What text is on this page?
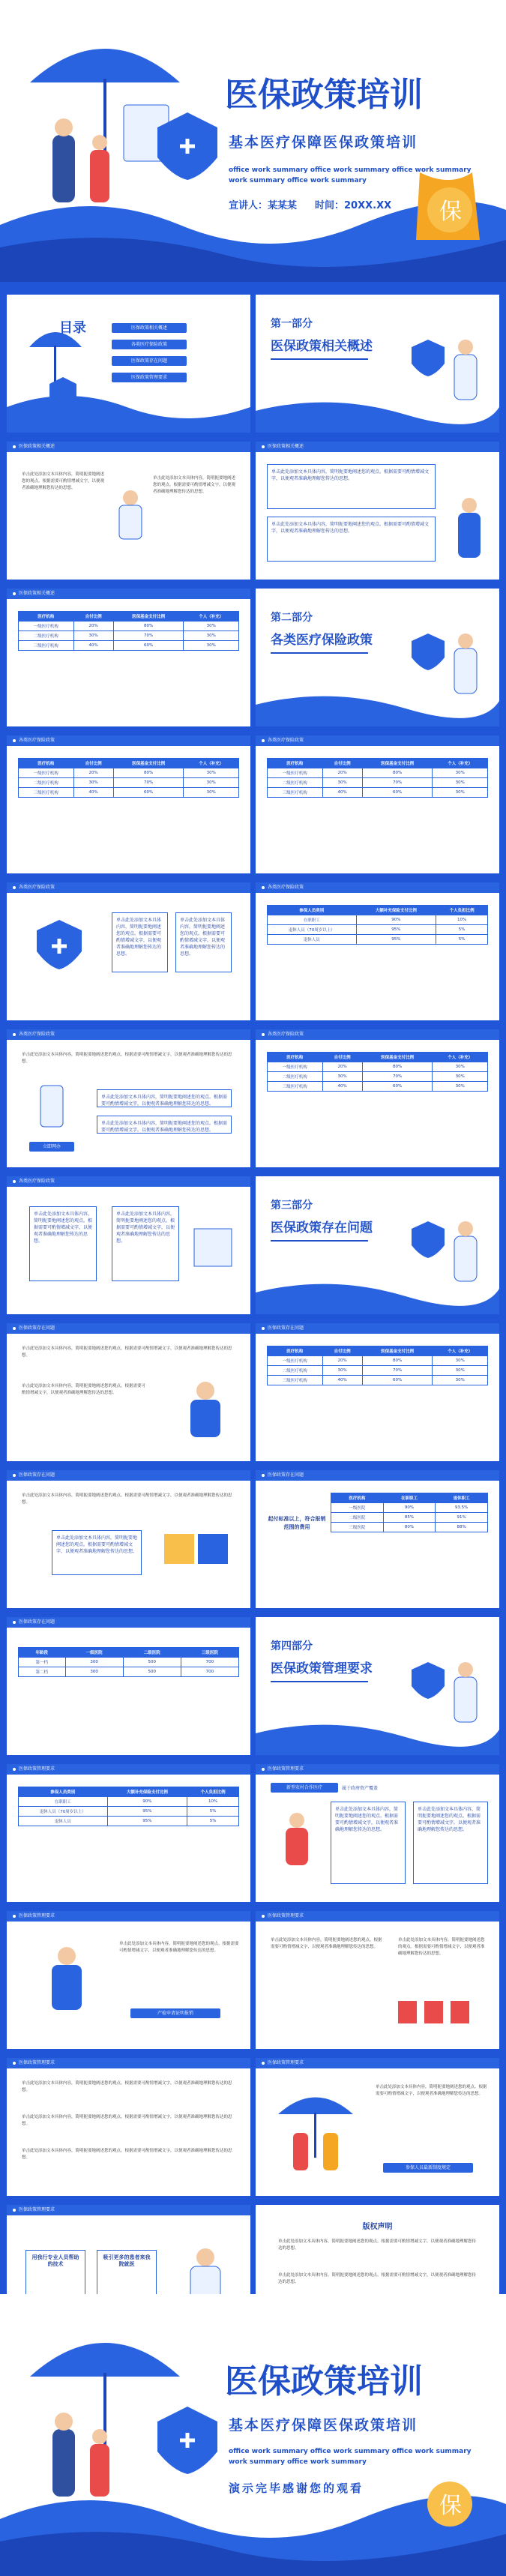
保
医保政策培训
基本医疗保障医保政策培训
office work summary office work summary office work summary
work summary office work summary
宣讲人：某某某 时间：20XX.XX
目录	医保政策相关概述
各类医疗保险政策
医保政策存在问题
医保政策管理要求
第一部分
医保政策相关概述
医保政策相关概述
单击此处添加文本具体内容，简明扼要地阐述您的观点。根据需要可酌情增减文字，以便观者准确地理解您传达的思想。
单击此处添加文本具体内容，简明扼要地阐述您的观点。根据需要可酌情增减文字，以便观者准确地理解您传达的思想。
医保政策相关概述
单击此处添加文本具体内容，简明扼要地阐述您的观点。根据需要可酌情增减文字，以便观者准确地理解您传达的思想。
单击此处添加文本具体内容，简明扼要地阐述您的观点。根据需要可酌情增减文字，以便观者准确地理解您传达的思想。
医保政策相关概述
医疗机构	自付比例	医保基金支付比例	个人（补充）
一级医疗机构	20%	80%	30%
二级医疗机构	30%	70%	30%
三级医疗机构	40%	60%	30%
第二部分
各类医疗保险政策
各类医疗保险政策
医疗机构	自付比例	医保基金支付比例	个人（补充）
一级医疗机构	20%	80%	30%
二级医疗机构	30%	70%	30%
三级医疗机构	40%	60%	30%
各类医疗保险政策
医疗机构	自付比例	医保基金支付比例	个人（补充）
一级医疗机构	20%	80%	30%
二级医疗机构	30%	70%	30%
三级医疗机构	40%	60%	30%
各类医疗保险政策
单击此处添加文本具体内容，简明扼要地阐述您的观点。根据需要可酌情增减文字，以便观者准确地理解您传达的思想。
单击此处添加文本具体内容，简明扼要地阐述您的观点。根据需要可酌情增减文字，以便观者准确地理解您传达的思想。
各类医疗保险政策
参保人员类别	大额补充保险支付比例	个人负担比例
在职职工	90%	10%
退休人员（70周岁以上）	95%	5%
退休人员	95%	5%
各类医疗保险政策
单击此处添加文本具体内容，简明扼要地阐述您的观点。根据需要可酌情增减文字，以便观者准确地理解您传达的思想。
立即网办
单击此处添加文本具体内容，简明扼要地阐述您的观点。根据需要可酌情增减文字，以便观者准确地理解您传达的思想。
单击此处添加文本具体内容，简明扼要地阐述您的观点。根据需要可酌情增减文字，以便观者准确地理解您传达的思想。
各类医疗保险政策
医疗机构	自付比例	医保基金支付比例	个人（补充）
一级医疗机构	20%	80%	30%
二级医疗机构	30%	70%	30%
三级医疗机构	40%	60%	30%
各类医疗保险政策
单击此处添加文本具体内容，简明扼要地阐述您的观点。根据需要可酌情增减文字，以便观者准确地理解您传达的思想。
单击此处添加文本具体内容，简明扼要地阐述您的观点。根据需要可酌情增减文字，以便观者准确地理解您传达的思想。
第三部分
医保政策存在问题
医保政策存在问题
单击此处添加文本具体内容，简明扼要地阐述您的观点。根据需要可酌情增减文字，以便观者准确地理解您传达的思想。
单击此处添加文本具体内容，简明扼要地阐述您的观点。根据需要可酌情增减文字，以便观者准确地理解您传达的思想。
医保政策存在问题
医疗机构	自付比例	医保基金支付比例	个人（补充）
一级医疗机构	20%	80%	30%
二级医疗机构	30%	70%	30%
三级医疗机构	40%	60%	30%
医保政策存在问题
单击此处添加文本具体内容，简明扼要地阐述您的观点。根据需要可酌情增减文字，以便观者准确地理解您传达的思想。
单击此处添加文本具体内容，简明扼要地阐述您的观点。根据需要可酌情增减文字，以便观者准确地理解您传达的思想。
医保政策存在问题
起付标准以上，符合报销范围的费用
医疗机构	在职职工	退休职工
一级医院	90%	93.5%
二级医院	85%	91%
三级医院	80%	88%
医保政策存在问题
年龄段	一级医院	二级医院	三级医院
第一档	300	500	700
第二档	300	500	700
第四部分
医保政策管理要求
医保政策管理要求
参保人员类别	大额补充保险支付比例	个人负担比例
在职职工	90%	10%
退休人员（70周岁以上）	95%	5%
退休人员	95%	5%
医保政策管理要求
新型农村合作医疗	属于政府资产覆盖
单击此处添加文本具体内容，简明扼要地阐述您的观点。根据需要可酌情增减文字，以便观者准确地理解您传达的思想。
单击此处添加文本具体内容，简明扼要地阐述您的观点。根据需要可酌情增减文字，以便观者准确地理解您传达的思想。
医保政策管理要求
单击此处添加文本具体内容，简明扼要地阐述您的观点。根据需要可酌情增减文字，以便观者准确地理解您传达的思想。
产检申请证明报销
医保政策管理要求
单击此处添加文本具体内容，简明扼要地阐述您的观点。根据需要可酌情增减文字，以便观者准确地理解您传达的思想。
单击此处添加文本具体内容，简明扼要地阐述您的观点。根据需要可酌情增减文字，以便观者准确地理解您传达的思想。
医保政策管理要求
单击此处添加文本具体内容，简明扼要地阐述您的观点。根据需要可酌情增减文字，以便观者准确地理解您传达的思想。
单击此处添加文本具体内容，简明扼要地阐述您的观点。根据需要可酌情增减文字，以便观者准确地理解您传达的思想。
单击此处添加文本具体内容，简明扼要地阐述您的观点。根据需要可酌情增减文字，以便观者准确地理解您传达的思想。
医保政策管理要求
单击此处添加文本具体内容，简明扼要地阐述您的观点。根据需要可酌情增减文字，以便观者准确地理解您传达的思想。
参保人员最新制度规定
医保政策管理要求
用我行专业人员帮助的技术
吸引更多的患者来我院就医
版权声明
单击此处添加文本具体内容，简明扼要地阐述您的观点。根据需要可酌情增减文字，以便观者准确地理解您传达的思想。
单击此处添加文本具体内容，简明扼要地阐述您的观点。根据需要可酌情增减文字，以便观者准确地理解您传达的思想。
保
医保政策培训
基本医疗保障医保政策培训
office work summary office work summary office work summary
work summary office work summary
演示完毕感谢您的观看
